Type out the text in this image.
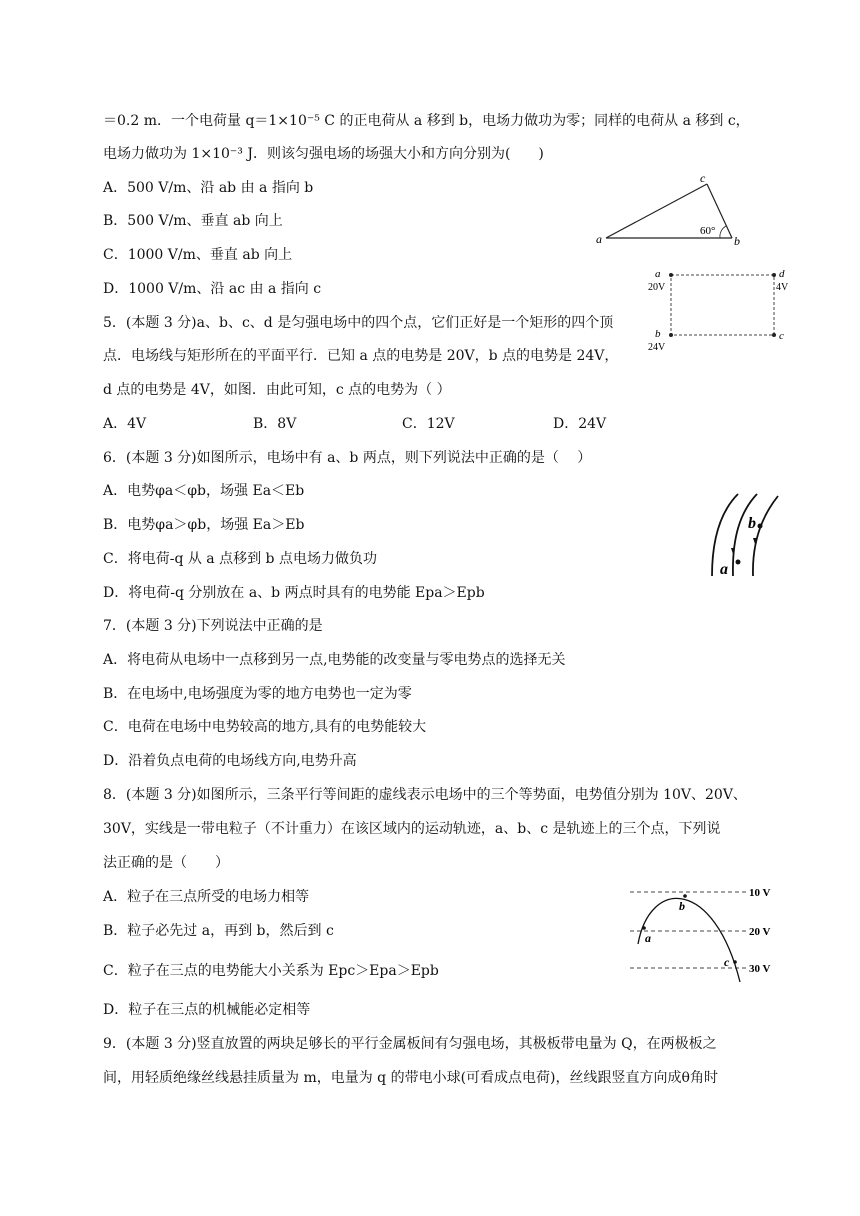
＝0.2 m．一个电荷量 q＝1×10⁻⁵ C 的正电荷从 a 移到 b，电场力做功为零；同样的电荷从 a 移到 c，
电场力做功为 1×10⁻³ J．则该匀强电场的场强大小和方向分别为(　　)
A．500 V/m、沿 ab 由 a 指向 b
B．500 V/m、垂直 ab 向上
C．1000 V/m、垂直 ab 向上
D．1000 V/m、沿 ac 由 a 指向 c
5．(本题 3 分)a、b、c、d 是匀强电场中的四个点，它们正好是一个矩形的四个顶
点．电场线与矩形所在的平面平行．已知 a 点的电势是 20V，b 点的电势是 24V，
d 点的电势是 4V，如图．由此可知，c 点的电势为（ ）
A．4V	B．8V	C．12V	D．24V
6．(本题 3 分)如图所示，电场中有 a、b 两点，则下列说法中正确的是（　 ）
A．电势φa＜φb，场强 Ea＜Eb
B．电势φa＞φb，场强 Ea＞Eb
C．将电荷-q 从 a 点移到 b 点电场力做负功
D．将电荷-q 分别放在 a、b 两点时具有的电势能 Epa＞Epb
7．(本题 3 分)下列说法中正确的是
A．将电荷从电场中一点移到另一点,电势能的改变量与零电势点的选择无关
B．在电场中,电场强度为零的地方电势也一定为零
C．电荷在电场中电势较高的地方,具有的电势能较大
D．沿着负点电荷的电场线方向,电势升高
8．(本题 3 分)如图所示，三条平行等间距的虚线表示电场中的三个等势面，电势值分别为 10V、20V、
30V，实线是一带电粒子（不计重力）在该区域内的运动轨迹，a、b、c 是轨迹上的三个点，下列说
法正确的是（　　）
A．粒子在三点所受的电场力相等
B．粒子必先过 a，再到 b，然后到 c
C．粒子在三点的电势能大小关系为 Epc＞Epa＞Epb
D．粒子在三点的机械能必定相等
9．(本题 3 分)竖直放置的两块足够长的平行金属板间有匀强电场，其极板带电量为 Q，在两极板之
间，用轻质绝缘丝线悬挂质量为 m，电量为 q 的带电小球(可看成点电荷)，丝线跟竖直方向成θ角时
a	b
c
60°
a
20V
d
4V
b
24V
c
a
b
10 V
20 V
30 V
a
b
c
